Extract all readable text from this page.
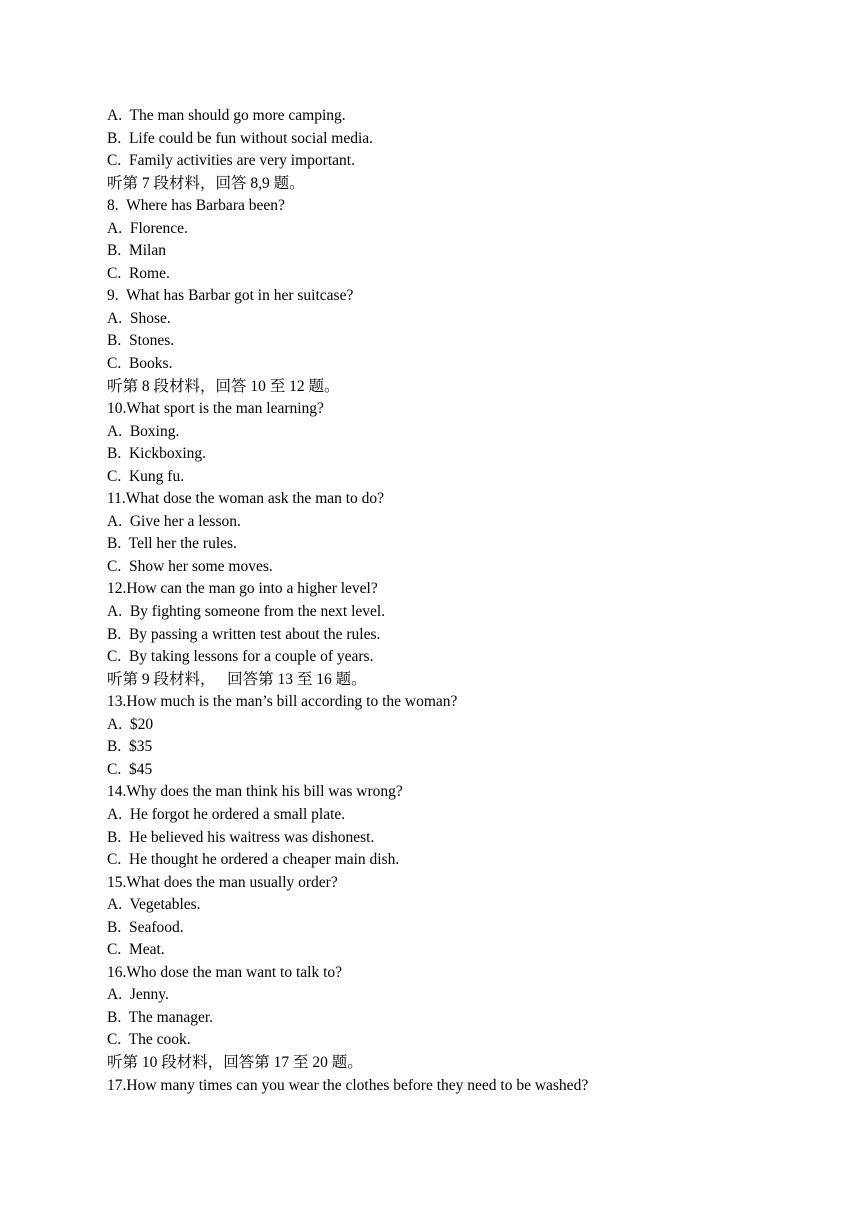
A.  The man should go more camping.
B.  Life could be fun without social media.
C.  Family activities are very important.
听第 7 段材料，回答 8,9 题。
8.  Where has Barbara been?
A.  Florence.
B.  Milan
C.  Rome.
9.  What has Barbar got in her suitcase?
A.  Shose.
B.  Stones.
C.  Books.
听第 8 段材料，回答 10 至 12 题。
10.What sport is the man learning?
A.  Boxing.
B.  Kickboxing.
C.  Kung fu.
11.What dose the woman ask the man to do?
A.  Give her a lesson.
B.  Tell her the rules.
C.  Show her some moves.
12.How can the man go into a higher level?
A.  By fighting someone from the next level.
B.  By passing a written test about the rules.
C.  By taking lessons for a couple of years.
听第 9 段材料，   回答第 13 至 16 题。
13.How much is the man’s bill according to the woman?
A.  $20
B.  $35
C.  $45
14.Why does the man think his bill was wrong?
A.  He forgot he ordered a small plate.
B.  He believed his waitress was dishonest.
C.  He thought he ordered a cheaper main dish.
15.What does the man usually order?
A.  Vegetables.
B.  Seafood.
C.  Meat.
16.Who dose the man want to talk to?
A.  Jenny.
B.  The manager.
C.  The cook.
听第 10 段材料，回答第 17 至 20 题。
17.How many times can you wear the clothes before they need to be washed?
